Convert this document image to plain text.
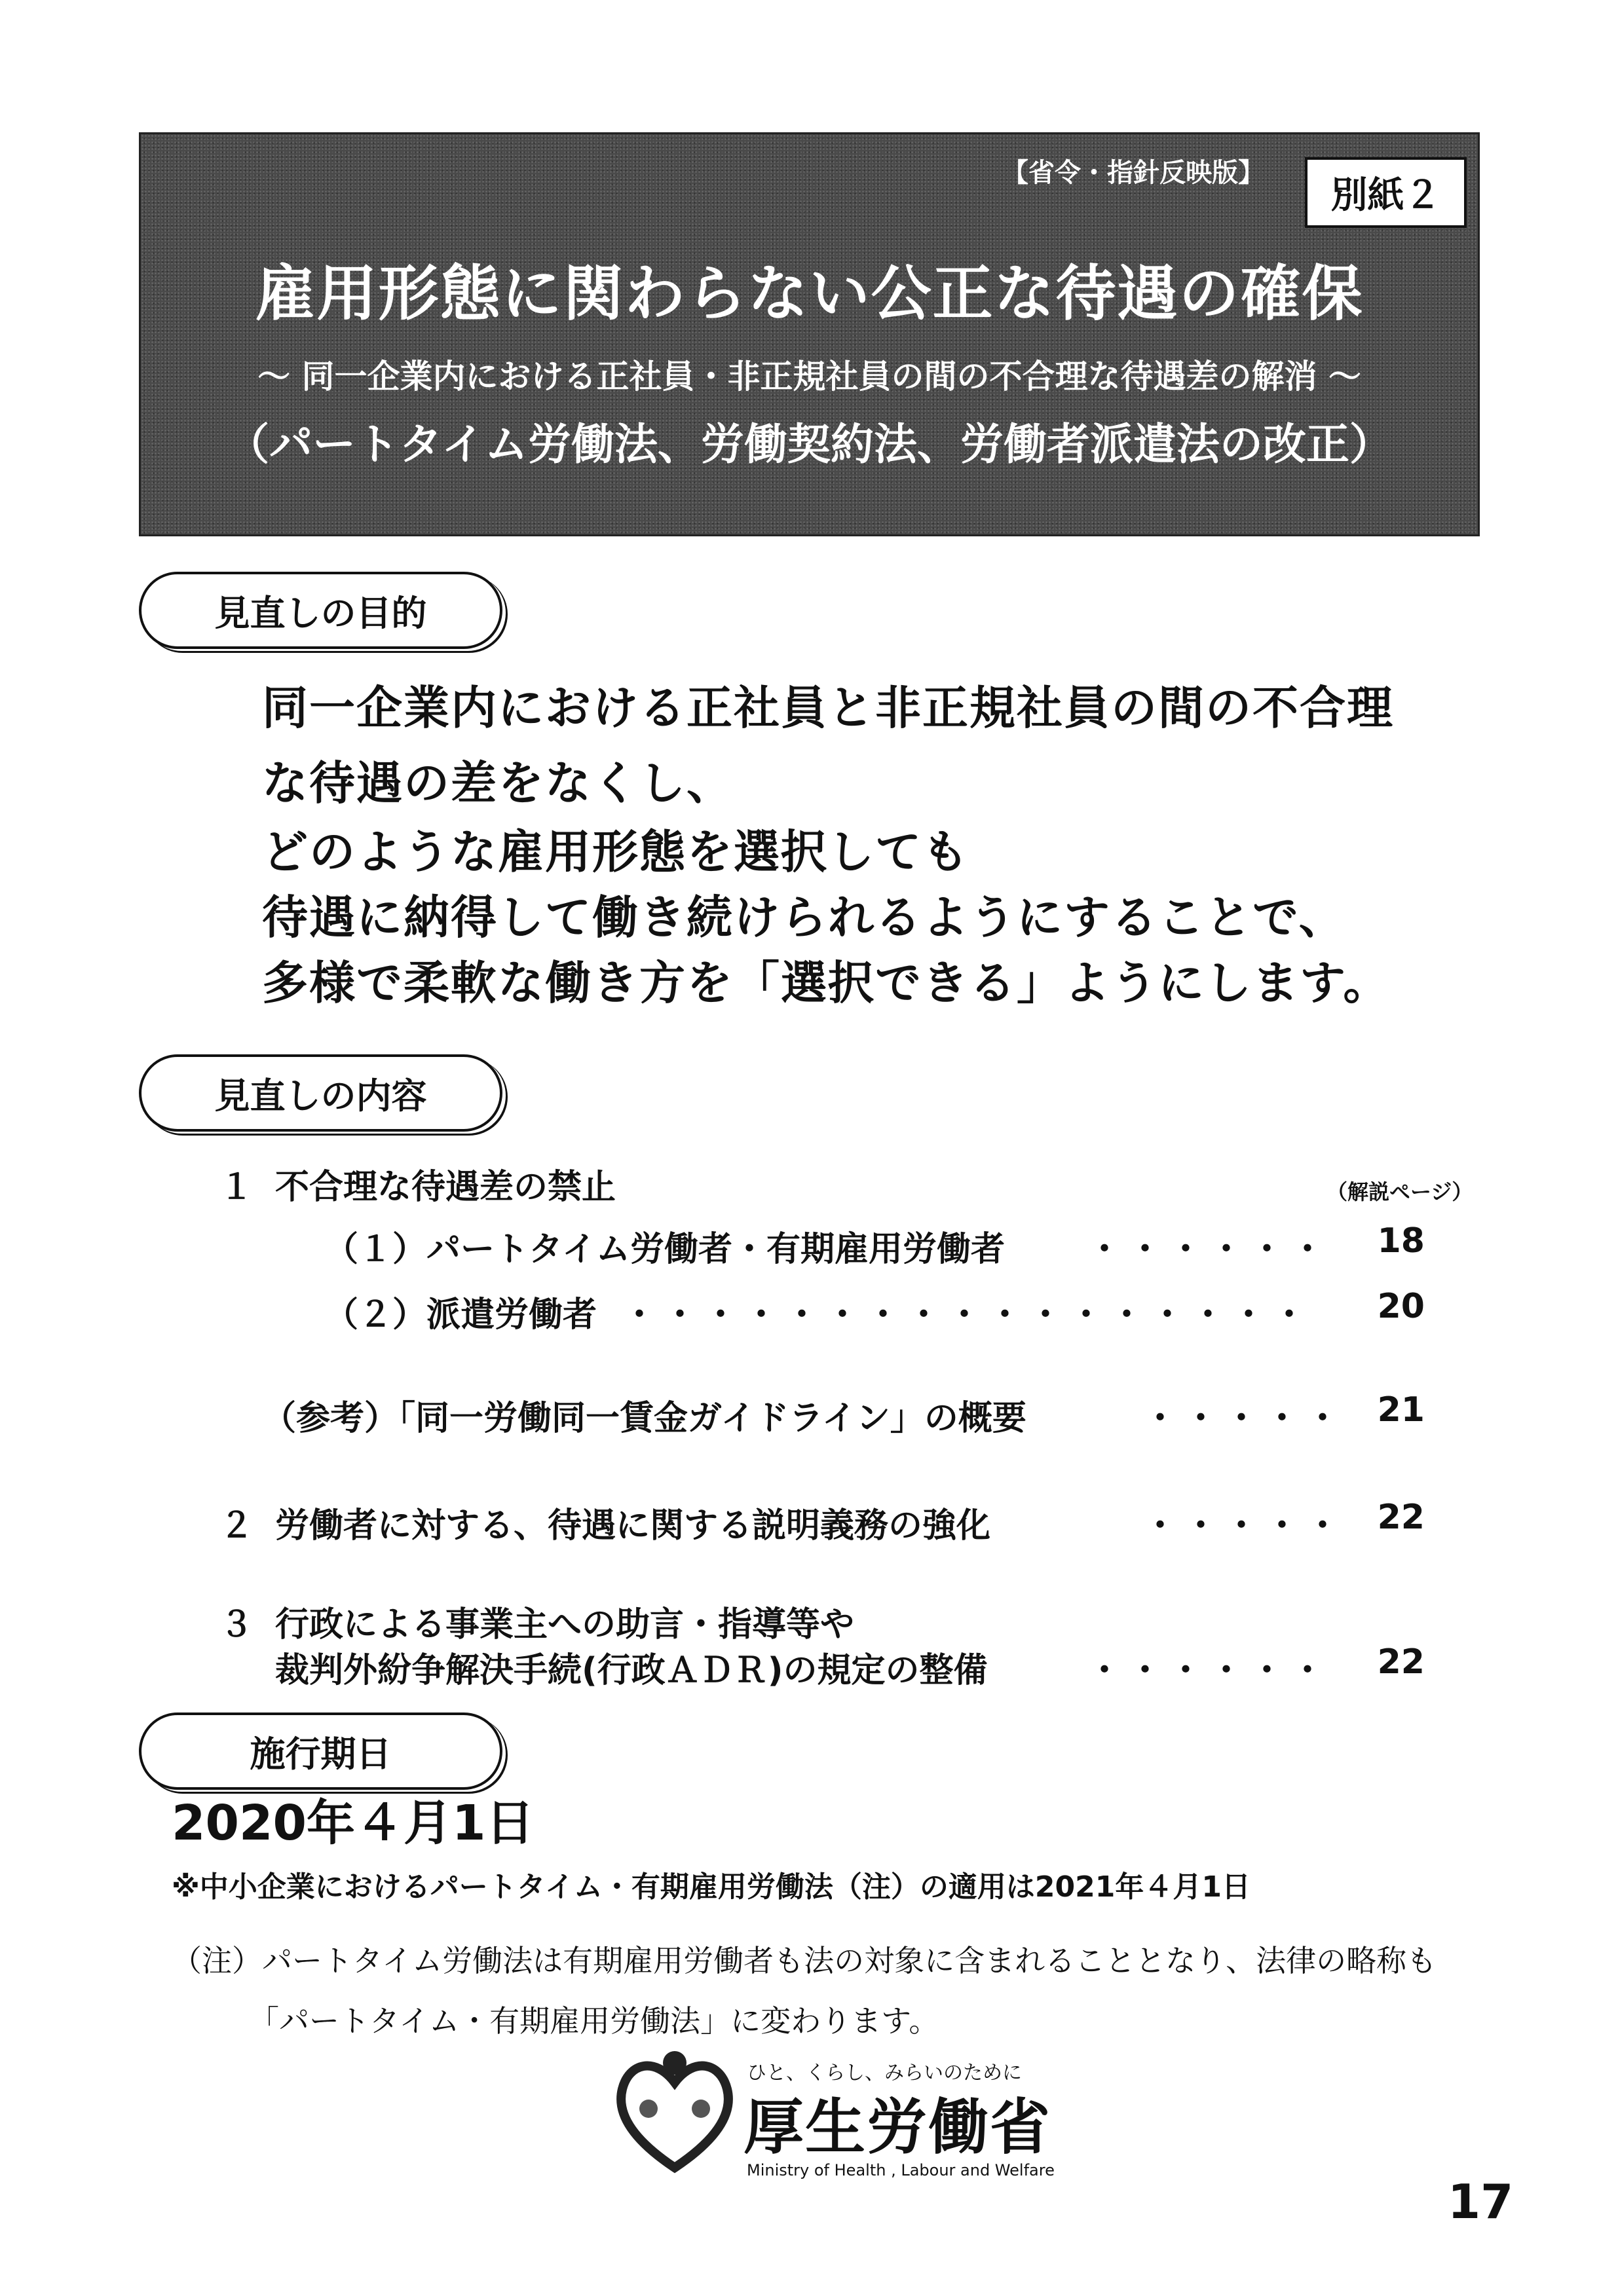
【省令・指針反映版】
別紙２
雇用形態に関わらない公正な待遇の確保
～ 同一企業内における正社員・非正規社員の間の不合理な待遇差の解消 ～
（パートタイム労働法、労働契約法、労働者派遣法の改正）
見直しの目的
同一企業内における正社員と非正規社員の間の不合理
な待遇の差をなくし、
どのような雇用形態を選択しても
待遇に納得して働き続けられるようにすることで、
多様で柔軟な働き方を「選択できる」ようにします。
見直しの内容
１ 不合理な待遇差の禁止	（解説ページ）
（１）パートタイム労働者・有期雇用労働者 ・・・・・・	18
（２）派遣労働者 ・・・・・・・・・・・・・・・・・	20
（参考）「同一労働同一賃金ガイドライン」の概要	・・・・・ 21
２ 労働者に対する、待遇に関する説明義務の強化	・・・・・ 22
３ 行政による事業主への助言・指導等や
裁判外紛争解決手続(行政ＡＤＲ)の規定の整備	・・・・・・	22
施行期日
2020年４月1日
※中小企業におけるパートタイム・有期雇用労働法（注）の適用は2021年４月1日
（注）パートタイム労働法は有期雇用労働者も法の対象に含まれることとなり、法律の略称も
「パートタイム・有期雇用労働法」に変わります。
ひと、くらし、みらいのために
厚生労働省
Ministry of Health , Labour and Welfare
17
